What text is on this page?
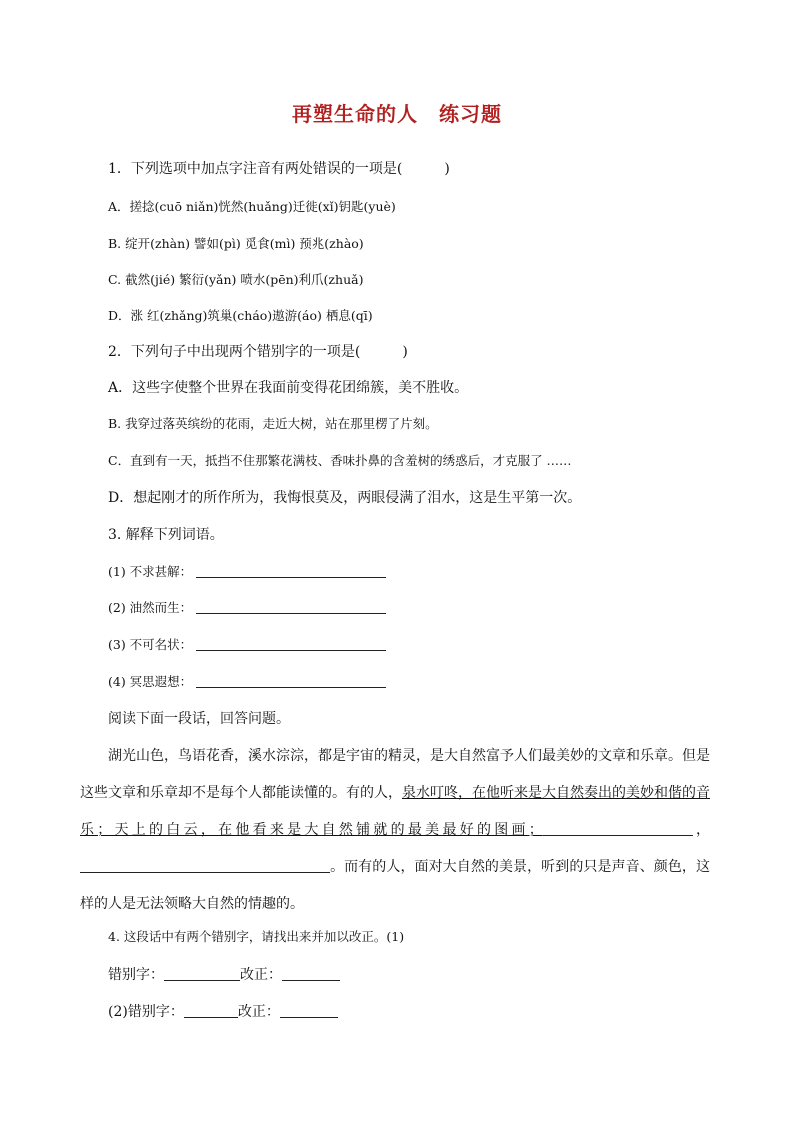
再塑生命的人　练习题
1．下列选项中加点字注音有两处错误的一项是(　　　)
A．搓捻(cuō niǎn)恍然(huǎng)迁徙(xǐ)钥匙(yuè)
B. 绽开(zhàn) 譬如(pì) 觅食(mì) 预兆(zhào)
C. 截然(jié) 繁衍(yǎn) 喷水(pēn)利爪(zhuǎ)
D．涨 红(zhǎng)筑巢(cháo)遨游(áo) 栖息(qī)
2．下列句子中出现两个错别字的一项是(　　　)
A．这些字使整个世界在我面前变得花团绵簇，美不胜收。
B. 我穿过落英缤纷的花雨，走近大树，站在那里楞了片刻。
C．直到有一天，抵挡不住那繁花满枝、香味扑鼻的含羞树的绣惑后，才克服了 ……
D．想起刚才的所作所为，我悔恨莫及，两眼侵满了泪水，这是生平第一次。
3. 解释下列词语。
(1) 不求甚解：
(2) 油然而生：
(3) 不可名状：
(4) 冥思遐想：
阅读下面一段话，回答问题。
湖光山色，鸟语花香，溪水淙淙，都是宇宙的精灵，是大自然富予人们最美妙的文章和乐章。但是这些文章和乐章却不是每个人都能读懂的。有的人，泉水叮咚，在他听来是大自然奏出的美妙和偕的音乐；天上的白云，在他看来是大自然铺就的最美最好的图画；	，。而有的人，面对大自然的美景，听到的只是声音、颜色，这样的人是无法领略大自然的情趣的。
4. 这段话中有两个错别字，请找出来并加以改正。(1)
错别字：	改正：
(2)错别字：	改正：
